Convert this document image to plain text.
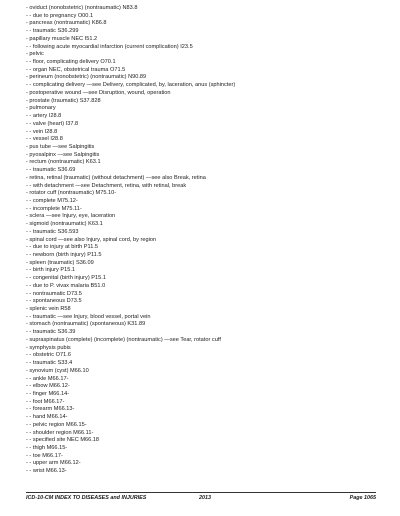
- oviduct (nonobstetric) (nontraumatic) N83.8
- - due to pregnancy O00.1
- pancreas (nontraumatic) K86.8
- - traumatic S36.299
- papillary muscle NEC I51.2
- - following acute myocardial infarction (current complication) I23.5
- pelvic
- - floor, complicating delivery O70.1
- - organ NEC, obstetrical trauma O71.5
- perineum (nonobstetric) (nontraumatic) N90.89
- - complicating delivery —see Delivery, complicated, by, laceration, anus (sphincter)
- postoperative wound —see Disruption, wound, operation
- prostate (traumatic) S37.828
- pulmonary
- - artery I28.8
- - valve (heart) I37.8
- - vein I28.8
- - vessel I28.8
- pus tube —see Salpingitis
- pyosalpinx —see Salpingitis
- rectum (nontraumatic) K63.1
- - traumatic S36.69
- retina, retinal (traumatic) (without detachment) —see also Break, retina
- - with detachment —see Detachment, retina, with retinal, break
- rotator cuff (nontraumatic) M75.10-
- - complete M75.12-
- - incomplete M75.11-
- sclera —see Injury, eye, laceration
- sigmoid (nontraumatic) K63.1
- - traumatic S36.593
- spinal cord —see also Injury, spinal cord, by region
- - due to injury at birth P11.5
- - newborn (birth injury) P11.5
- spleen (traumatic) S36.09
- - birth injury P15.1
- - congenital (birth injury) P15.1
- - due to P. vivax malaria B51.0
- - nontraumatic D73.5
- - spontaneous D73.5
- splenic vein R58
- - traumatic —see Injury, blood vessel, portal vein
- stomach (nontraumatic) (spontaneous) K31.89
- - traumatic S36.39
- supraspinatus (complete) (incomplete) (nontraumatic) —see Tear, rotator cuff
- symphysis pubis
- - obstetric O71.6
- - traumatic S33.4
- synovium (cyst) M66.10
- - ankle M66.17-
- - elbow M66.12-
- - finger M66.14-
- - foot M66.17-
- - forearm M66.13-
- - hand M66.14-
- - pelvic region M66.15-
- - shoulder region M66.11-
- - specified site NEC M66.18
- - thigh M66.15-
- - toe M66.17-
- - upper arm M66.12-
- - wrist M66.13-
ICD-10-CM INDEX TO DISEASES and INJURIES	2013	Page 1065
